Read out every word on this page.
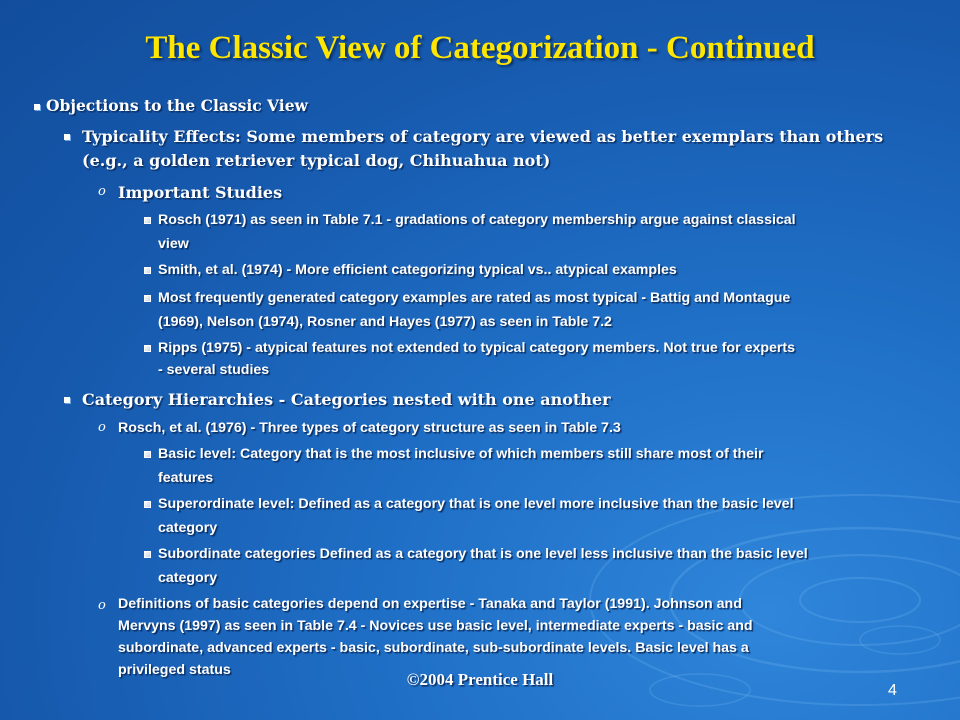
The Classic View of Categorization - Continued
Objections to the Classic View
Typicality Effects: Some members of category are viewed as better exemplars than others
(e.g., a golden retriever typical dog, Chihuahua not)
o Important Studies
Rosch (1971) as seen in Table 7.1 - gradations of category membership argue against classical
view
Smith, et al. (1974) - More efficient categorizing typical vs.. atypical examples
Most frequently generated category examples are rated as most typical - Battig and Montague
(1969), Nelson (1974), Rosner and Hayes (1977) as seen in Table 7.2
Ripps (1975) - atypical features not extended to typical category members. Not true for experts
- several studies
Category Hierarchies - Categories nested with one another
o Rosch, et al. (1976) - Three types of category structure as seen in Table 7.3
Basic level: Category that is the most inclusive of which members still share most of their
features
Superordinate level: Defined as a category that is one level more inclusive than the basic level
category
Subordinate categories Defined as a category that is one level less inclusive than the basic level
category
o Definitions of basic categories depend on expertise - Tanaka and Taylor (1991). Johnson and
Mervyns (1997) as seen in Table 7.4 - Novices use basic level, intermediate experts - basic and
subordinate, advanced experts - basic, subordinate, sub-subordinate levels. Basic level has a
privileged status	©2004 Prentice Hall
4
